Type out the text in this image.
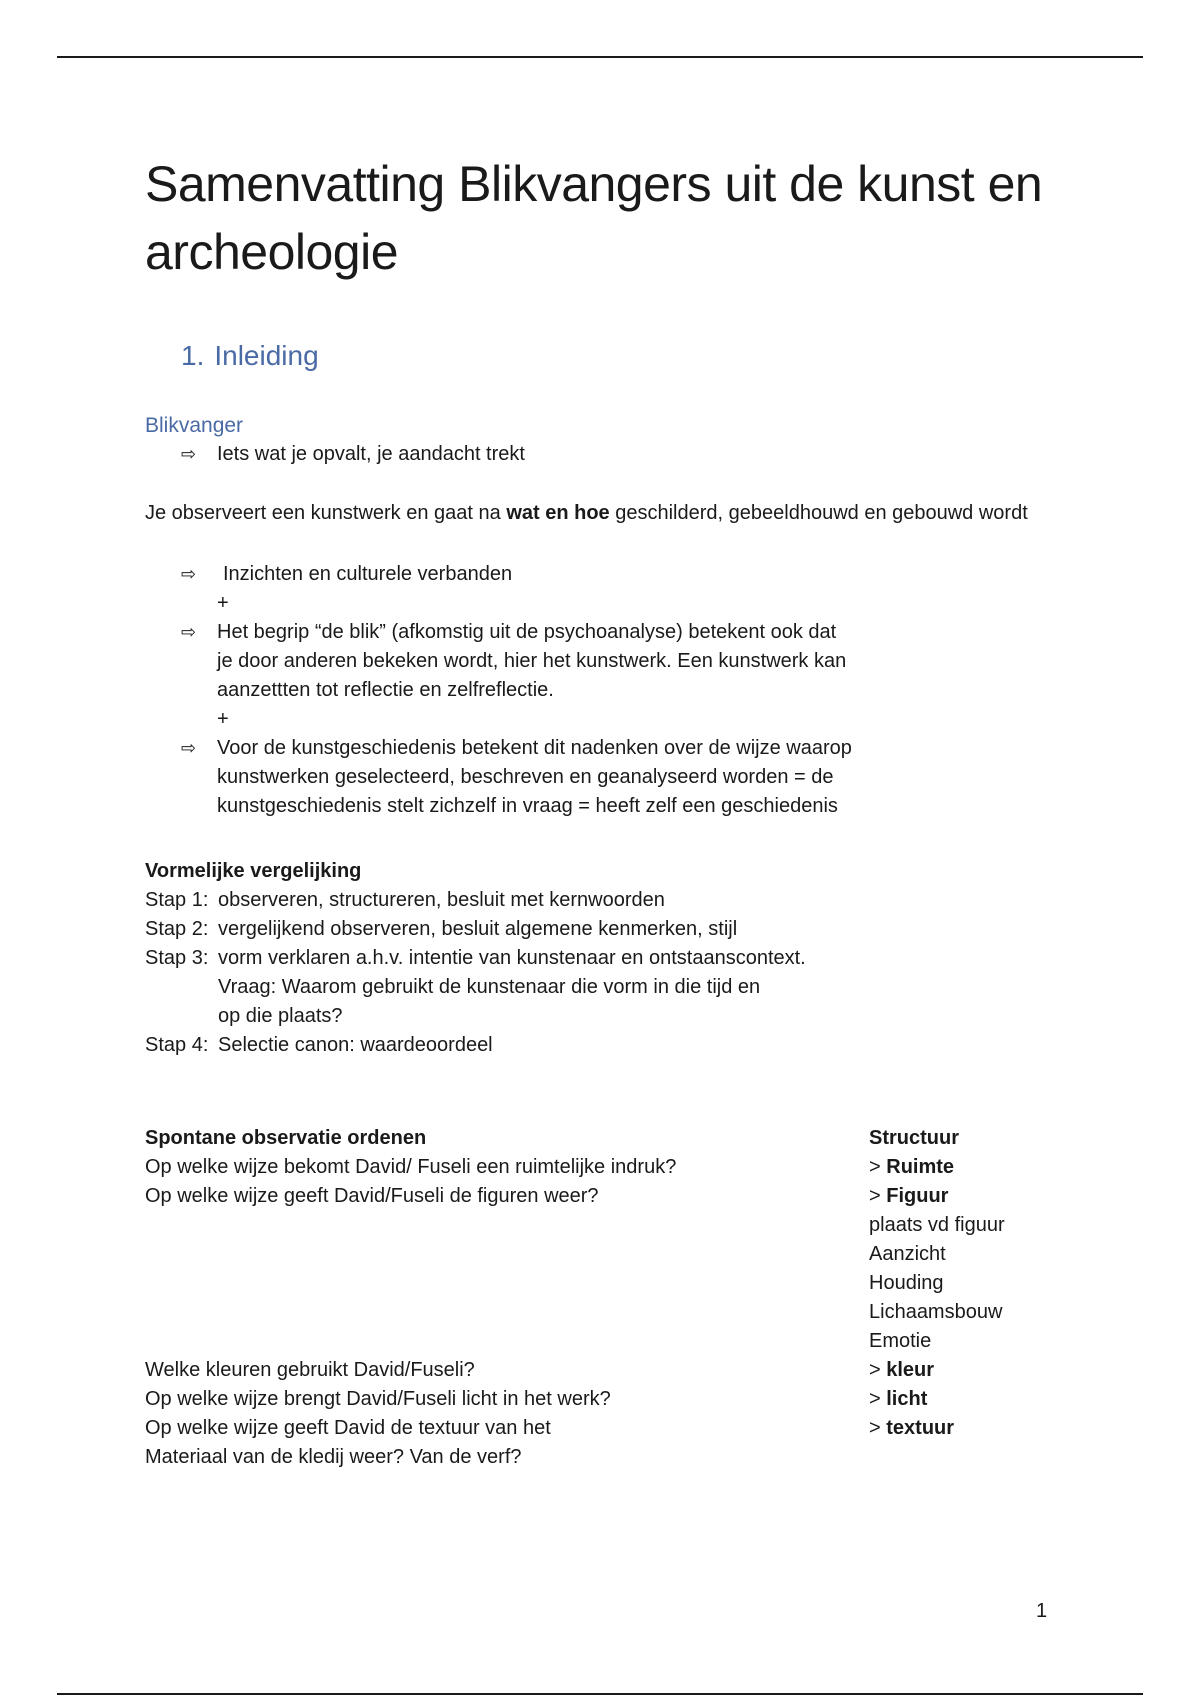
Samenvatting Blikvangers uit de kunst en archeologie
1. Inleiding
Blikvanger
⇨ Iets wat je opvalt, je aandacht trekt
Je observeert een kunstwerk en gaat na wat en hoe geschilderd, gebeeldhouwd en gebouwd wordt
⇨ Inzichten en culturele verbanden
+
⇨ Het begrip “de blik” (afkomstig uit de psychoanalyse) betekent ook dat je door anderen bekeken wordt, hier het kunstwerk. Een kunstwerk kan aanzettten tot reflectie en zelfreflectie.
+
⇨ Voor de kunstgeschiedenis betekent dit nadenken over de wijze waarop kunstwerken geselecteerd, beschreven en geanalyseerd worden = de kunstgeschiedenis stelt zichzelf in vraag = heeft zelf een geschiedenis
Vormelijke vergelijking
Stap 1: observeren, structureren, besluit met kernwoorden
Stap 2: vergelijkend observeren, besluit algemene kenmerken, stijl
Stap 3: vorm verklaren a.h.v. intentie van kunstenaar en ontstaanscontext.
Vraag: Waarom gebruikt de kunstenaar die vorm in die tijd en
op die plaats?
Stap 4: Selectie canon: waardeoordeel
Spontane observatie ordenen
Op welke wijze bekomt David/ Fuseli een ruimtelijke indruk?
Op welke wijze geeft David/Fuseli de figuren weer?
Welke kleuren gebruikt David/Fuseli?
Op welke wijze brengt David/Fuseli licht in het werk?
Op welke wijze geeft David de textuur van het
Materiaal van de kledij weer? Van de verf?
Structuur
> Ruimte
> Figuur
plaats vd figuur
Aanzicht
Houding
Lichaamsbouw
Emotie
> kleur
> licht
> textuur
1
